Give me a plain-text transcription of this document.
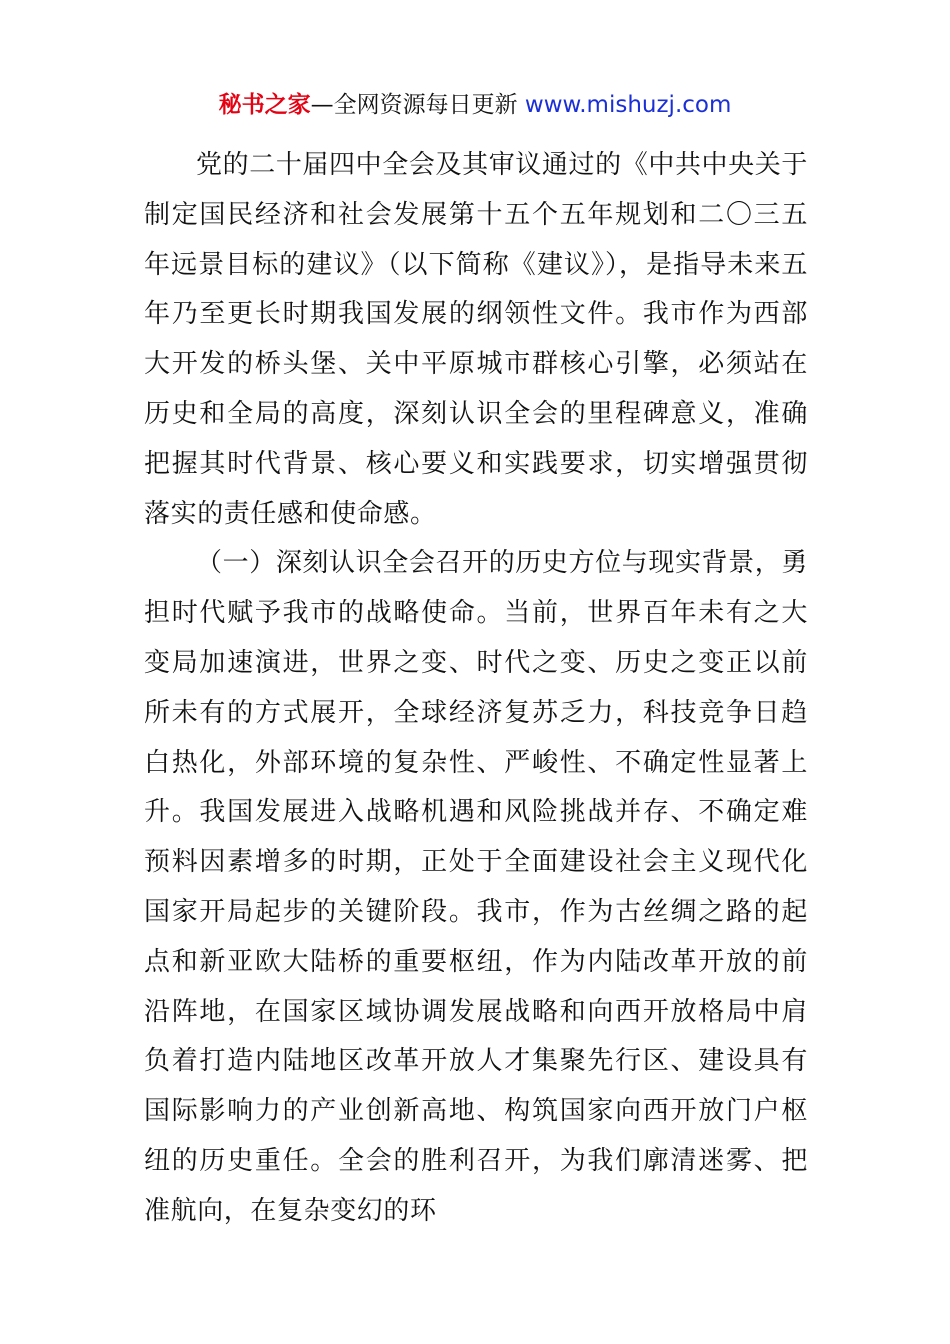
秘书之家—全网资源每日更新 www.mishuzj.com

党的二十届四中全会及其审议通过的《中共中央关于制定国民经济和社会发展第十五个五年规划和二〇三五年远景目标的建议》（以下简称《建议》），是指导未来五年乃至更长时期我国发展的纲领性文件。我市作为西部大开发的桥头堡、关中平原城市群核心引擎，必须站在历史和全局的高度，深刻认识全会的里程碑意义，准确把握其时代背景、核心要义和实践要求，切实增强贯彻落实的责任感和使命感。

（一）深刻认识全会召开的历史方位与现实背景，勇担时代赋予我市的战略使命。当前，世界百年未有之大变局加速演进，世界之变、时代之变、历史之变正以前所未有的方式展开，全球经济复苏乏力，科技竞争日趋白热化，外部环境的复杂性、严峻性、不确定性显著上升。我国发展进入战略机遇和风险挑战并存、不确定难预料因素增多的时期，正处于全面建设社会主义现代化国家开局起步的关键阶段。我市，作为古丝绸之路的起点和新亚欧大陆桥的重要枢纽，作为内陆改革开放的前沿阵地，在国家区域协调发展战略和向西开放格局中肩负着打造内陆地区改革开放人才集聚先行区、建设具有国际影响力的产业创新高地、构筑国家向西开放门户枢纽的历史重任。全会的胜利召开，为我们廓清迷雾、把准航向，在复杂变幻的环
